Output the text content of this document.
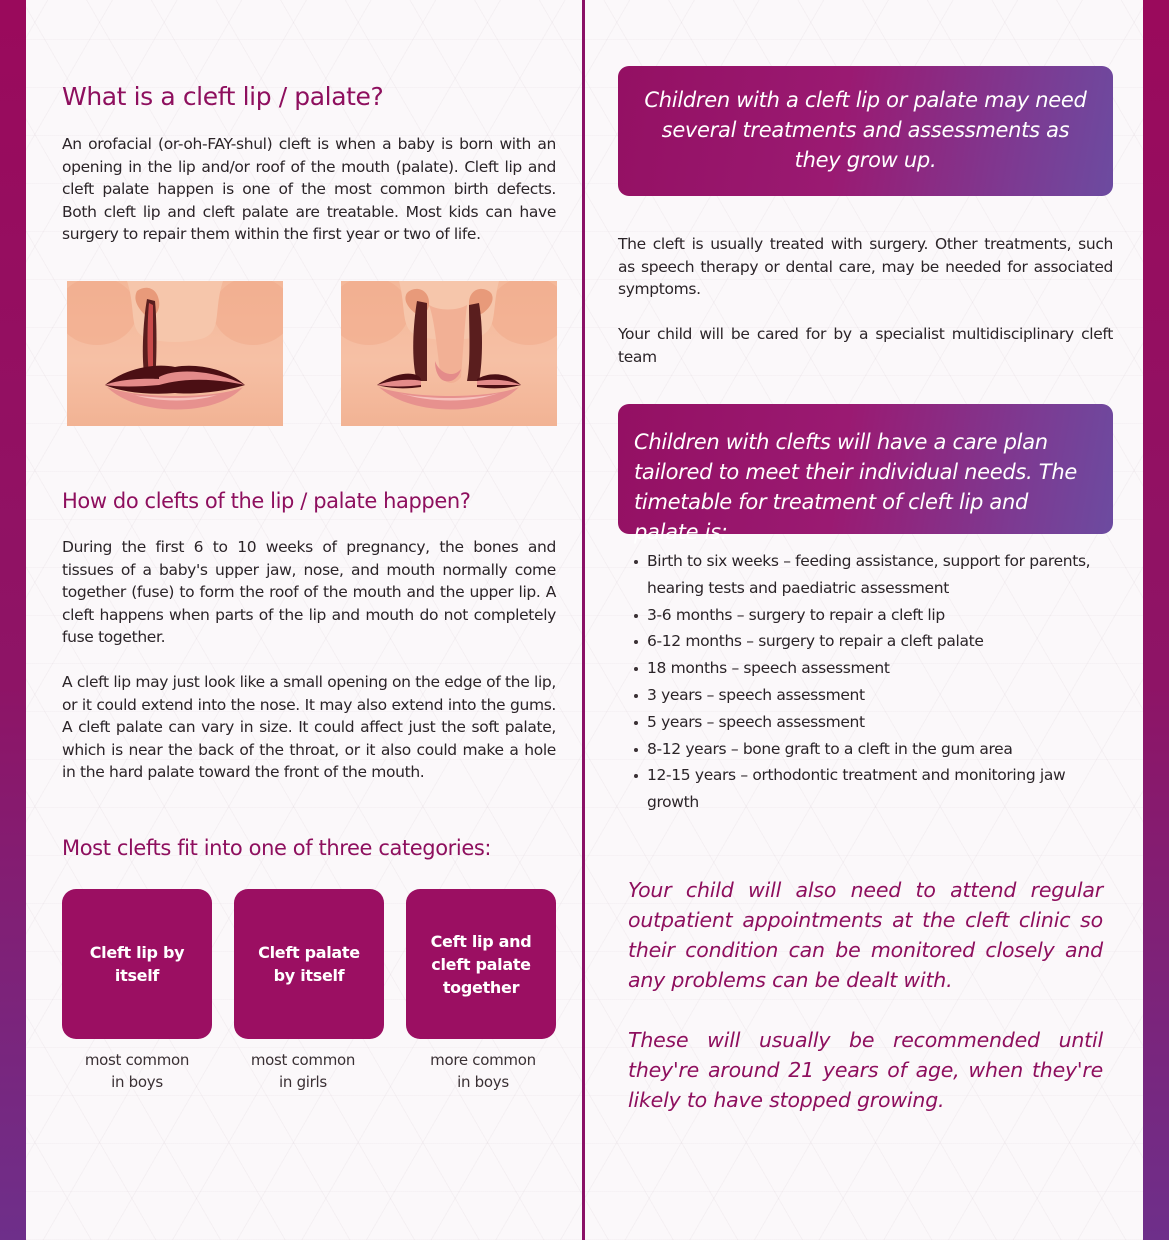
What is a cleft lip / palate?

An orofacial (or-oh-FAY-shul) cleft is when a baby is born with an opening in the lip and/or roof of the mouth (palate). Cleft lip and cleft palate happen is one of the most common birth defects. Both cleft lip and cleft palate are treatable. Most kids can have surgery to repair them within the first year or two of life.

How do clefts of the lip / palate happen?

During the first 6 to 10 weeks of pregnancy, the bones and tissues of a baby's upper jaw, nose, and mouth normally come together (fuse) to form the roof of the mouth and the upper lip. A cleft happens when parts of the lip and mouth do not completely fuse together.

A cleft lip may just look like a small opening on the edge of the lip, or it could extend into the nose. It may also extend into the gums. A cleft palate can vary in size. It could affect just the soft palate, which is near the back of the throat, or it also could make a hole in the hard palate toward the front of the mouth.

Most clefts fit into one of three categories:
Cleft lip by itself
Cleft palate by itself
Ceft lip and cleft palate together
most common
in boys
most common
in girls
more common
in boys
Children with a cleft lip or palate may need several treatments and assessments as they grow up.

The cleft is usually treated with surgery. Other treatments, such as speech therapy or dental care, may be needed for associated symptoms.

Your child will be cared for by a specialist multidisciplinary cleft team

Children with clefts will have a care plan tailored to meet their individual needs. The timetable for treatment of cleft lip and palate is:
Birth to six weeks – feeding assistance, support for parents, hearing tests and paediatric assessment
3-6 months – surgery to repair a cleft lip
6-12 months – surgery to repair a cleft palate
18 months – speech assessment
3 years – speech assessment
5 years – speech assessment
8-12 years – bone graft to a cleft in the gum area
12-15 years – orthodontic treatment and monitoring jaw growth

Your child will also need to attend regular outpatient appointments at the cleft clinic so their condition can be monitored closely and any problems can be dealt with.

These will usually be recommended until they're around 21 years of age, when they're likely to have stopped growing.
